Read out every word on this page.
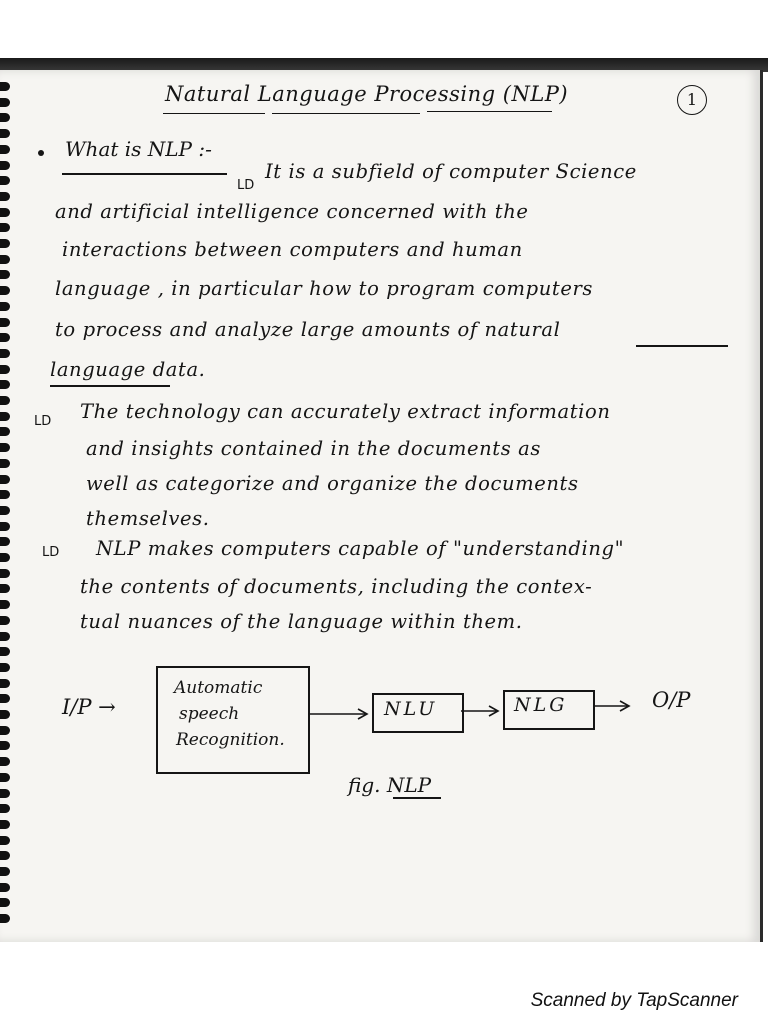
Natural Language Processing (NLP)	1
What is NLP :-
LD
It is a subfield of computer Science
and artificial intelligence concerned with the
interactions between computers and human
language , in particular how to program computers
to process and analyze large amounts of natural
language data.
LD The technology can accurately extract information
and insights contained in the documents as
well as categorize and organize the documents
themselves.
LD NLP makes computers capable of "understanding"
the contents of documents, including the contex-
tual nuances of the language within them.
I/P →
Automatic
speech
Recognition.
NLU	NLG	O/P
fig. NLP
Scanned by TapScanner
